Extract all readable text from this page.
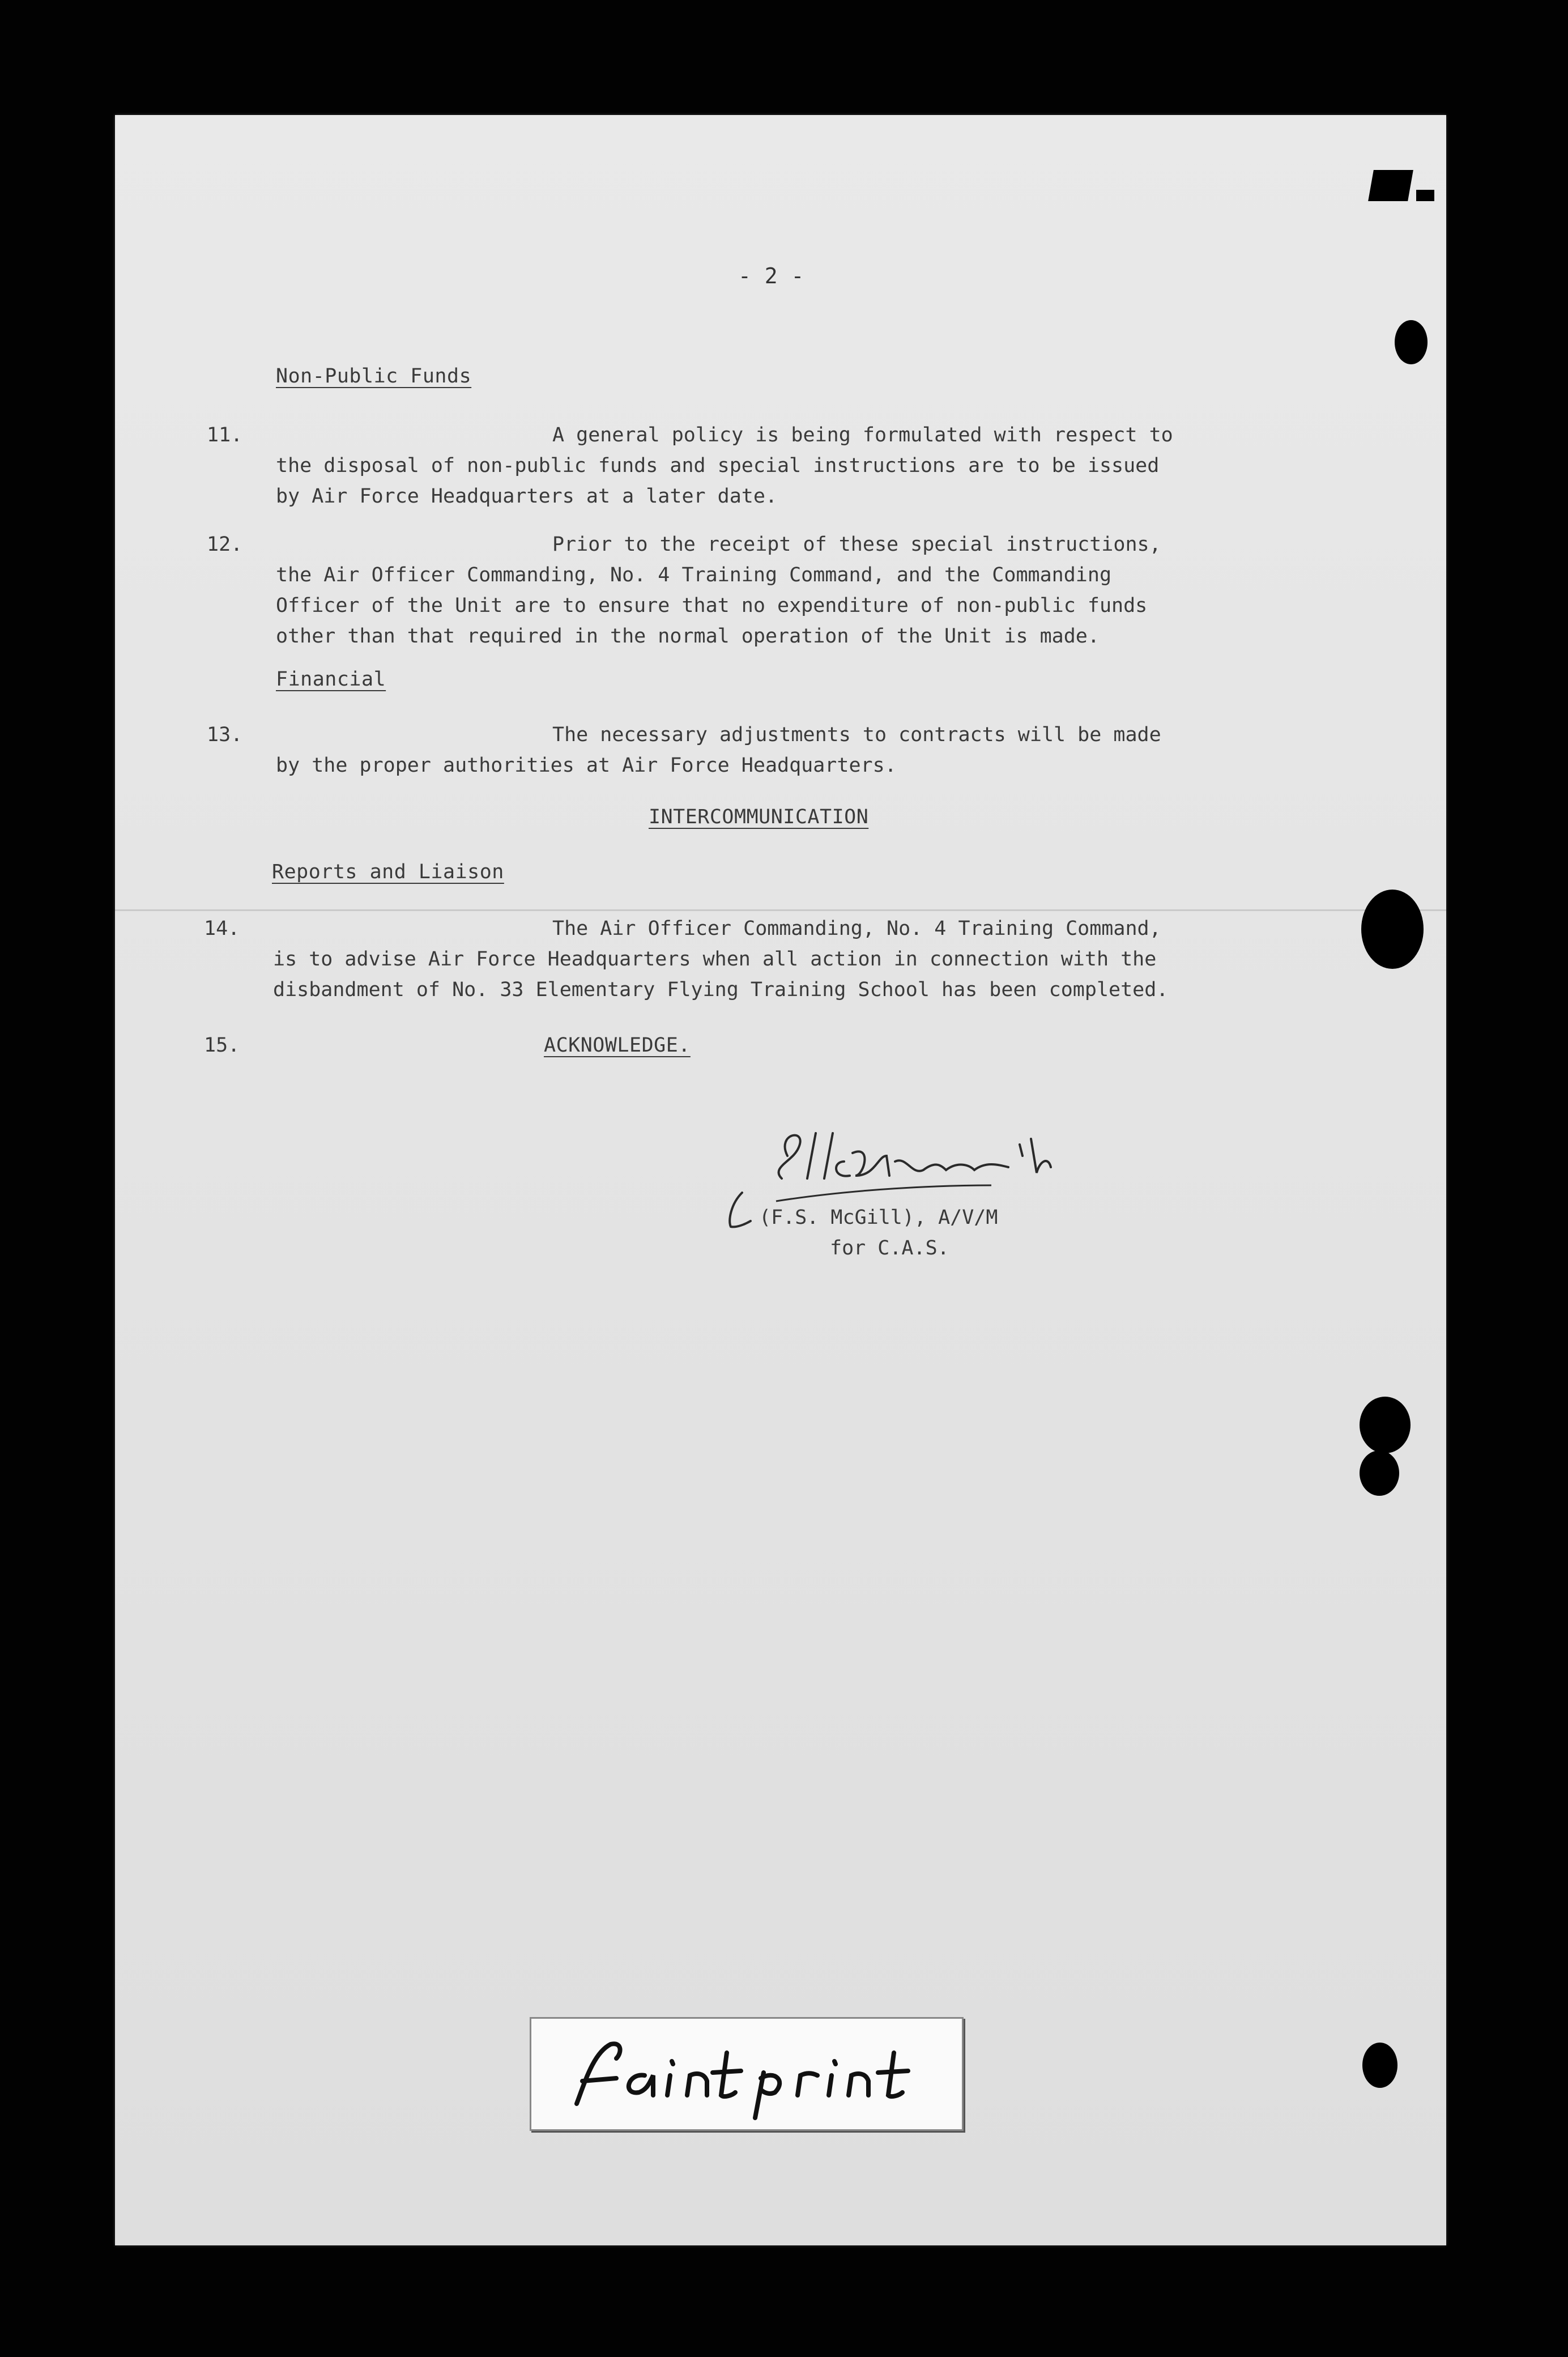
- 2 -
Non-Public Funds
11.	A general policy is being formulated with respect to
the disposal of non-public funds and special instructions are to be issued
by Air Force Headquarters at a later date.
12.	Prior to the receipt of these special instructions,
the Air Officer Commanding, No. 4 Training Command, and the Commanding
Officer of the Unit are to ensure that no expenditure of non-public funds
other than that required in the normal operation of the Unit is made.
Financial
13.	The necessary adjustments to contracts will be made
by the proper authorities at Air Force Headquarters.
INTERCOMMUNICATION
Reports and Liaison
14.	The Air Officer Commanding, No. 4 Training Command,
is to advise Air Force Headquarters when all action in connection with the
disbandment of No. 33 Elementary Flying Training School has been completed.
15.	ACKNOWLEDGE.
(F.S. McGill), A/V/M
for C.A.S.
